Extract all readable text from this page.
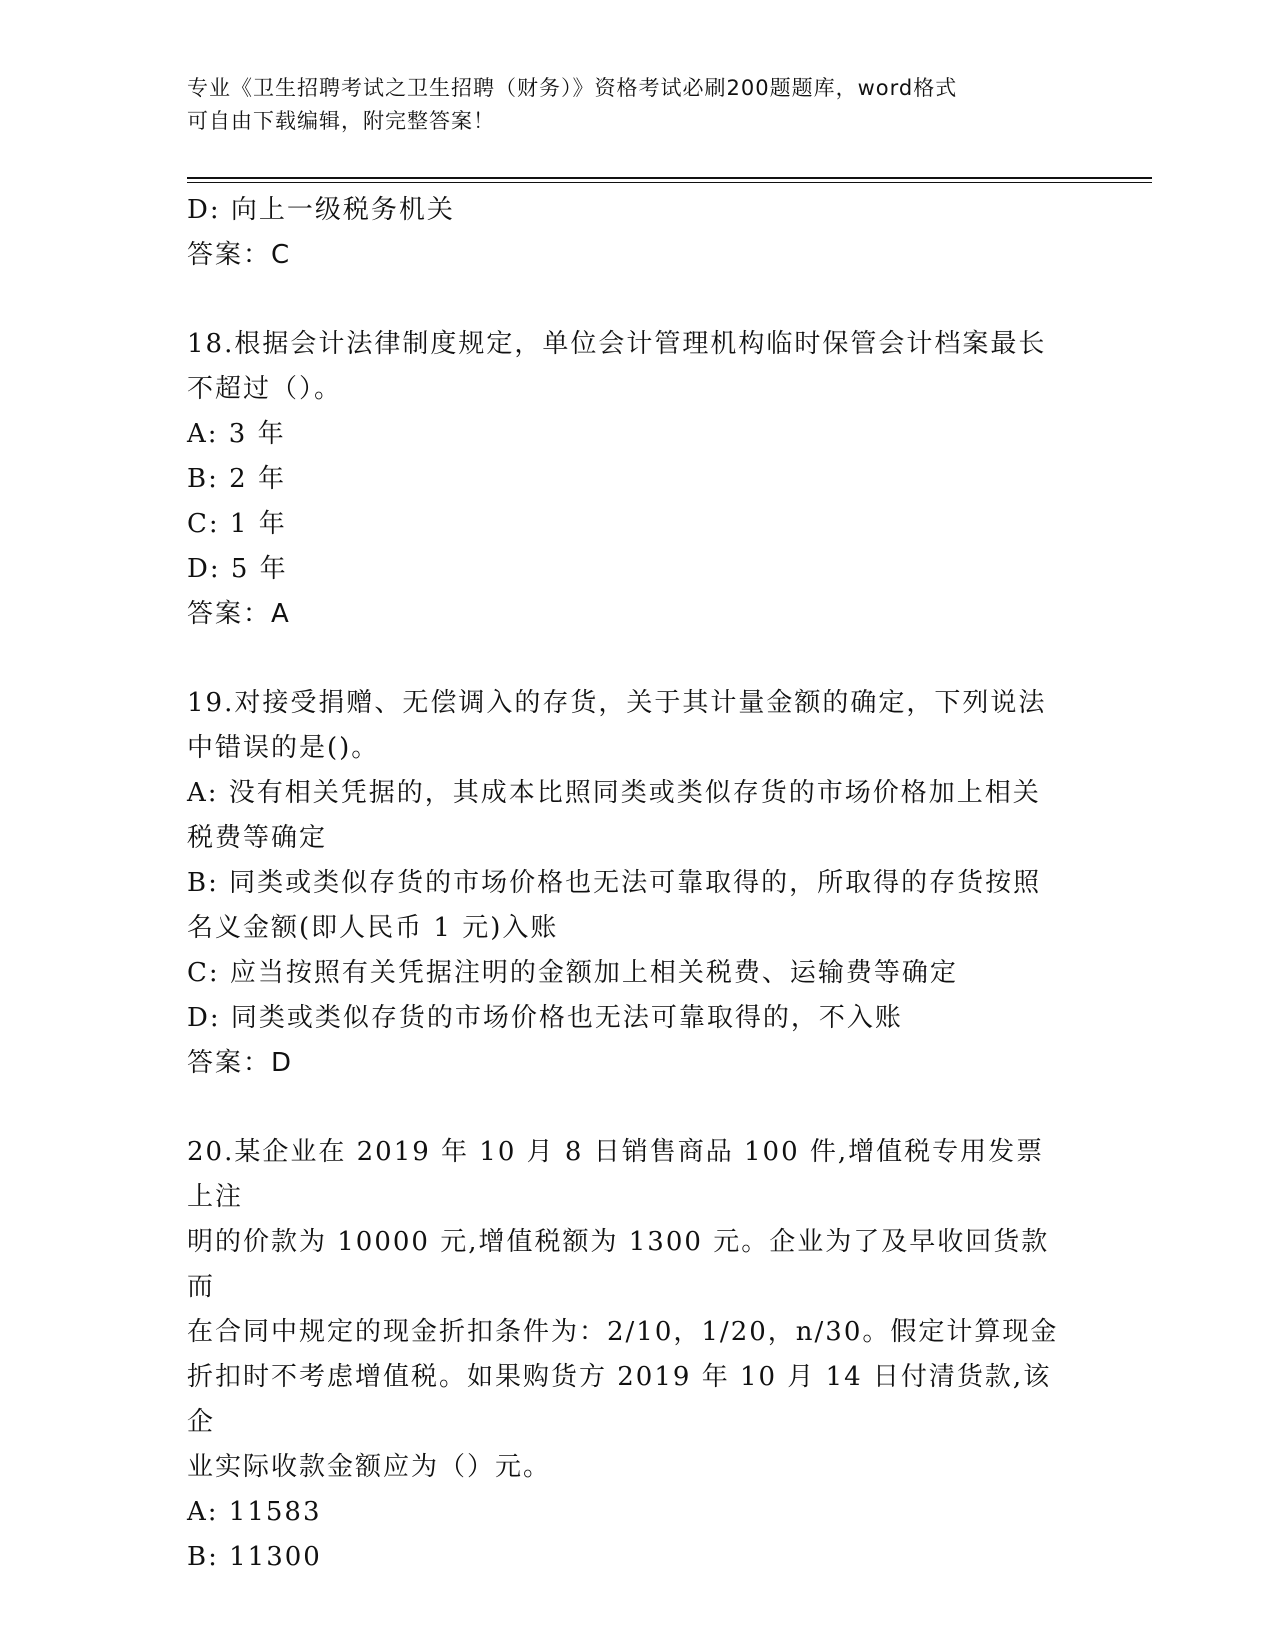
专业《卫生招聘考试之卫生招聘（财务）》资格考试必刷200题题库，word格式
可自由下载编辑，附完整答案！
D: 向上一级税务机关
答案：C
18.根据会计法律制度规定，单位会计管理机构临时保管会计档案最长
不超过（）。
A: 3 年
B: 2 年
C: 1 年
D: 5 年
答案：A
19.对接受捐赠、无偿调入的存货，关于其计量金额的确定，下列说法
中错误的是()。
A: 没有相关凭据的，其成本比照同类或类似存货的市场价格加上相关
税费等确定
B: 同类或类似存货的市场价格也无法可靠取得的，所取得的存货按照
名义金额(即人民币 1 元)入账
C: 应当按照有关凭据注明的金额加上相关税费、运输费等确定
D: 同类或类似存货的市场价格也无法可靠取得的，不入账
答案：D
20.某企业在 2019 年 10 月 8 日销售商品 100 件,增值税专用发票上注
明的价款为 10000 元,增值税额为 1300 元。企业为了及早收回货款而
在合同中规定的现金折扣条件为：2/10，1/20，n/30。假定计算现金
折扣时不考虑增值税。如果购货方 2019 年 10 月 14 日付清货款,该企
业实际收款金额应为（）元。
A: 11583
B: 11300
